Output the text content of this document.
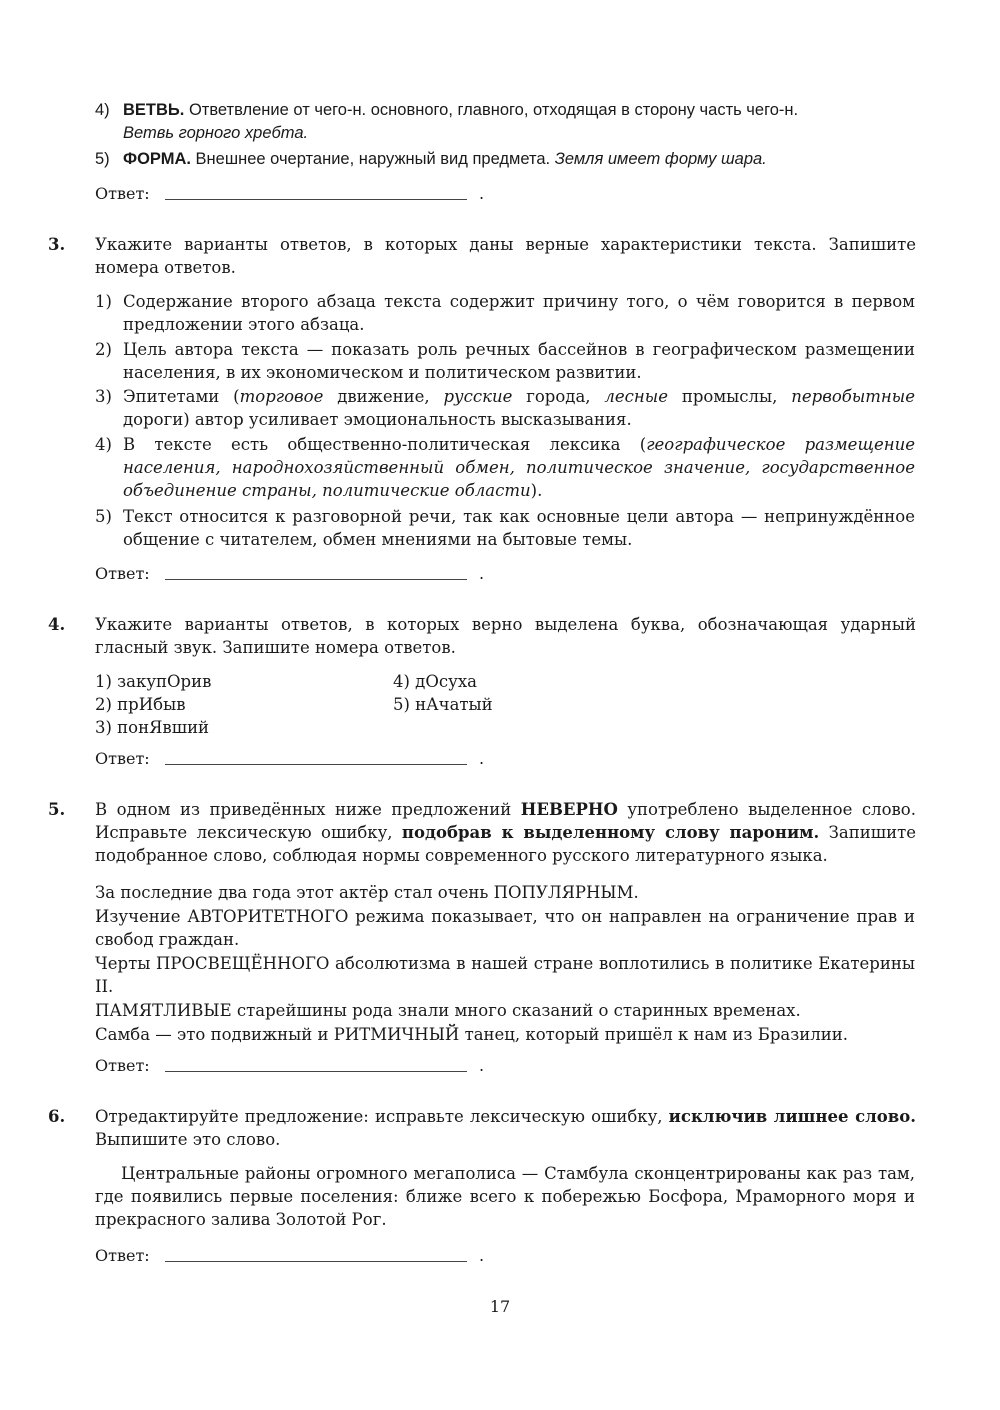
4) ВЕТВЬ. Ответвление от чего-н. основного, главного, отходящая в сторону часть чего-н.
Ветвь горного хребта.
5) ФОРМА. Внешнее очертание, наружный вид предмета. Земля имеет форму шара.
Ответ:	.
3. Укажите варианты ответов, в которых даны верные характеристики текста. Запишите номера ответов.
1) Содержание второго абзаца текста содержит причину того, о чём говорится в первом предложении этого абзаца.
2) Цель автора текста — показать роль речных бассейнов в географическом размещении населения, в их экономическом и политическом развитии.
3) Эпитетами (торговое движение, русские города, лесные промыслы, первобытные дороги) автор усиливает эмоциональность высказывания.
4) В тексте есть общественно-политическая лексика (географическое размещение населения, народнохозяйственный обмен, политическое значение, государственное объединение страны, политические области).
5) Текст относится к разговорной речи, так как основные цели автора — непринуждённое общение с читателем, обмен мнениями на бытовые темы.
Ответ:	.
4. Укажите варианты ответов, в которых верно выделена буква, обозначающая ударный гласный звук. Запишите номера ответов.
1) закупОрив
2) прИбыв
3) понЯвший
4) дОсуха
5) нАчатый
Ответ:	.
5. В одном из приведённых ниже предложений НЕВЕРНО употреблено выделенное слово. Исправьте лексическую ошибку, подобрав к выделенному слову пароним. Запишите подобранное слово, соблюдая нормы современного русского литературного языка.
За последние два года этот актёр стал очень ПОПУЛЯРНЫМ.
Изучение АВТОРИТЕТНОГО режима показывает, что он направлен на ограничение прав и свобод граждан.
Черты ПРОСВЕЩЁННОГО абсолютизма в нашей стране воплотились в политике Екатерины II.
ПАМЯТЛИВЫЕ старейшины рода знали много сказаний о старинных временах.
Самба — это подвижный и РИТМИЧНЫЙ танец, который пришёл к нам из Бразилии.
Ответ:	.
6. Отредактируйте предложение: исправьте лексическую ошибку, исключив лишнее слово. Выпишите это слово.
Центральные районы огромного мегаполиса — Стамбула сконцентрированы как раз там, где появились первые поселения: ближе всего к побережью Босфора, Мраморного моря и прекрасного залива Золотой Рог.
Ответ:	.
17
